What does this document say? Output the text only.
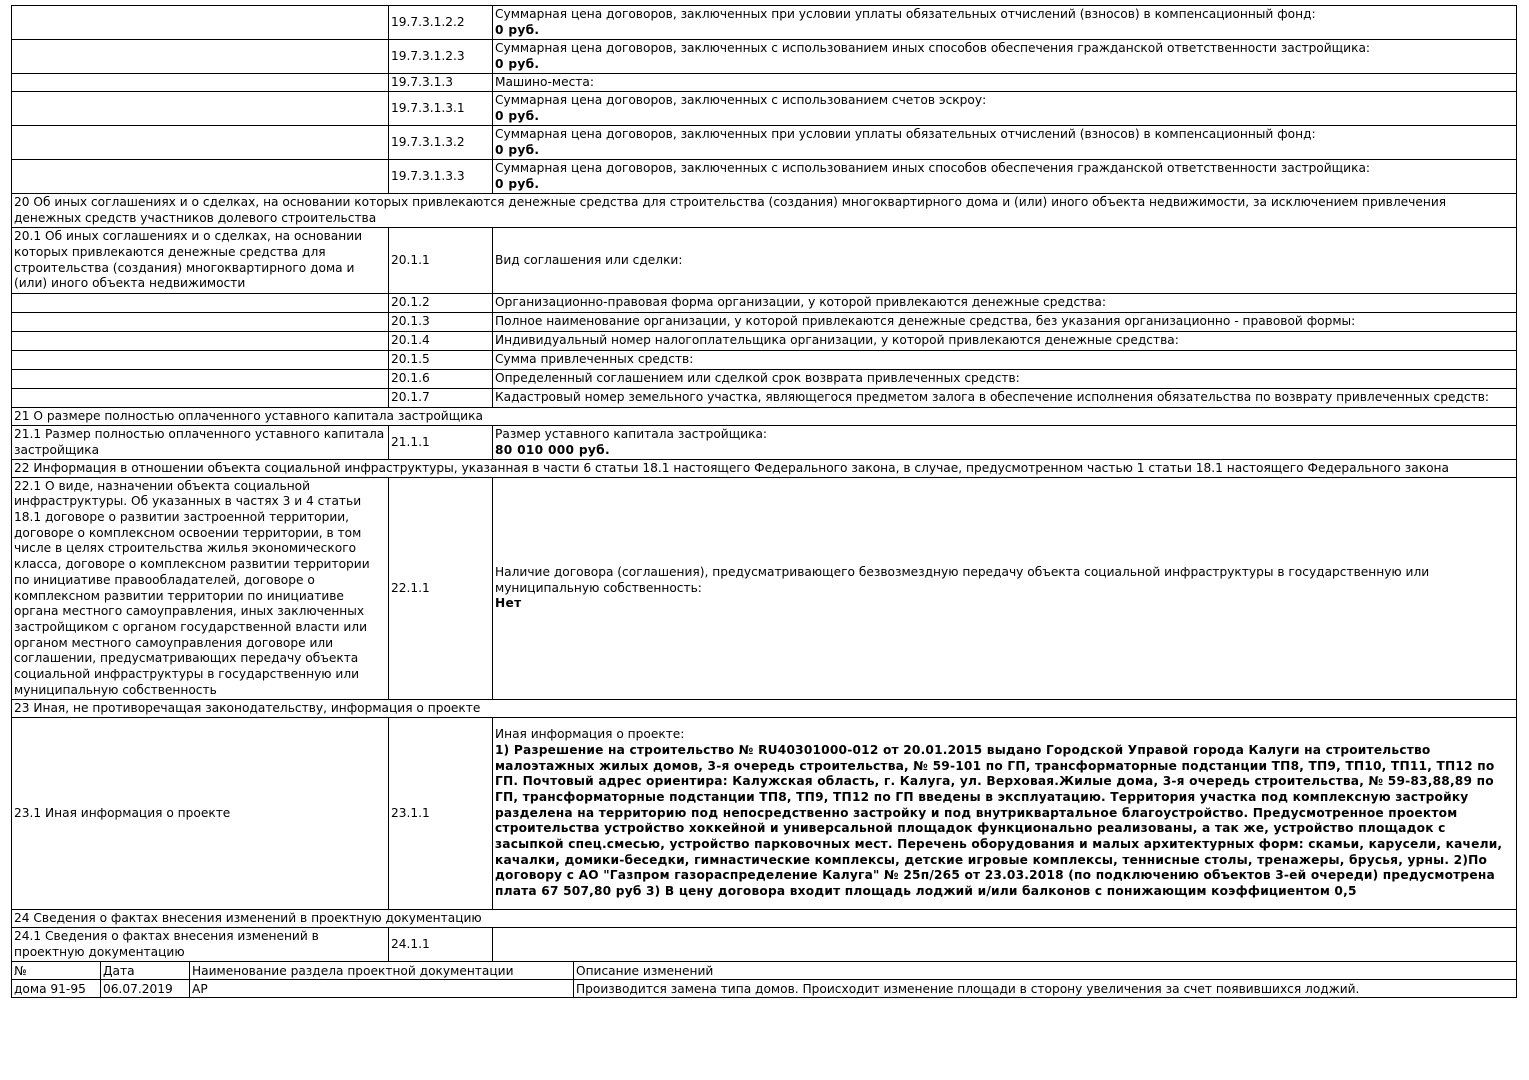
	19.7.3.1.2.2	Суммарная цена договоров, заключенных при условии уплаты обязательных отчислений (взносов) в компенсационный фонд:
0 руб.

	19.7.3.1.2.3	Суммарная цена договоров, заключенных с использованием иных способов обеспечения гражданской ответственности застройщика:
0 руб.

	19.7.3.1.3	Машино-места:
	19.7.3.1.3.1	Суммарная цена договоров, заключенных с использованием счетов эскроу:
0 руб.

	19.7.3.1.3.2	Суммарная цена договоров, заключенных при условии уплаты обязательных отчислений (взносов) в компенсационный фонд:
0 руб.

	19.7.3.1.3.3	Суммарная цена договоров, заключенных с использованием иных способов обеспечения гражданской ответственности застройщика:
0 руб.

20 Об иных соглашениях и о сделках, на основании которых привлекаются денежные средства для строительства (создания) многоквартирного дома и (или) иного объекта недвижимости, за исключением привлечения денежных средств участников долевого строительства		
20.1 Об иных соглашениях и о сделках, на основании которых привлекаются денежные средства для строительства (создания) многоквартирного дома и (или) иного объекта недвижимости	20.1.1	Вид соглашения или сделки:
	20.1.2	Организационно-правовая форма организации, у которой привлекаются денежные средства:
	20.1.3	Полное наименование организации, у которой привлекаются денежные средства, без указания организационно - правовой формы:
	20.1.4	Индивидуальный номер налогоплательщика организации, у которой привлекаются денежные средства:
	20.1.5	Сумма привлеченных средств:
	20.1.6	Определенный соглашением или сделкой срок возврата привлеченных средств:
	20.1.7	Кадастровый номер земельного участка, являющегося предметом залога в обеспечение исполнения обязательства по возврату привлеченных средств:
21 О размере полностью оплаченного уставного капитала застройщика		
21.1 Размер полностью оплаченного уставного капитала застройщика	21.1.1	Размер уставного капитала застройщика:
80 010 000 руб.

22 Информация в отношении объекта социальной инфраструктуры, указанная в части 6 статьи 18.1 настоящего Федерального закона, в случае, предусмотренном частью 1 статьи 18.1 настоящего Федерального закона		
22.1 О виде, назначении объекта социальной инфраструктуры. Об указанных в частях 3 и 4 статьи 18.1 договоре о развитии застроенной территории, договоре о комплексном освоении территории, в том числе в целях строительства жилья экономического класса, договоре о комплексном развитии территории по инициативе правообладателей, договоре о комплексном развитии территории по инициативе органа местного самоуправления, иных заключенных застройщиком с органом государственной власти или органом местного самоуправления договоре или соглашении, предусматривающих передачу объекта социальной инфраструктуры в государственную или муниципальную собственность	22.1.1	Наличие договора (соглашения), предусматривающего безвозмездную передачу объекта социальной инфраструктуры в государственную или муниципальную собственность:
Нет

23 Иная, не противоречащая законодательству, информация о проекте		
23.1 Иная информация о проекте	23.1.1	Иная информация о проекте:
1) Разрешение на строительство № RU40301000-012 от 20.01.2015 выдано Городской Управой города Калуги на строительство малоэтажных жилых домов, 3-я очередь строительства, № 59-101 по ГП, трансформаторные подстанции ТП8, ТП9, ТП10, ТП11, ТП12 по ГП. Почтовый адрес ориентира: Калужская область, г. Калуга, ул. Верховая.Жилые дома, 3-я очередь строительства, № 59-83,88,89 по ГП, трансформаторные подстанции ТП8, ТП9, ТП12 по ГП введены в эксплуатацию. Территория участка под комплексную застройку разделена на территорию под непосредственно застройку и под внутриквартальное благоустройство. Предусмотренное проектом строительства устройство хоккейной и универсальной площадок функционально реализованы, а так же, устройство площадок с засыпкой спец.смесью, устройство парковочных мест. Перечень оборудования и малых архитектурных форм: скамьи, карусели, качели, качалки, домики-беседки, гимнастические комплексы, детские игровые комплексы, теннисные столы, тренажеры, брусья, урны. 2)По договору с АО "Газпром газораспределение Калуга" № 25п/265 от 23.03.2018 (по подключению объектов 3-ей очереди) предусмотрена плата 67 507,80 руб 3) В цену договора входит площадь лоджий и/или балконов с понижающим коэффициентом 0,5
24 Сведения о фактах внесения изменений в проектную документацию		
24.1 Сведения о фактах внесения изменений в проектную документацию	24.1.1	
№	Дата	Наименование раздела проектной документации	Описание изменений
дома 91-95	06.07.2019	АР	Производится замена типа домов. Происходит изменение площади в сторону увеличения за счет появившихся лоджий.
